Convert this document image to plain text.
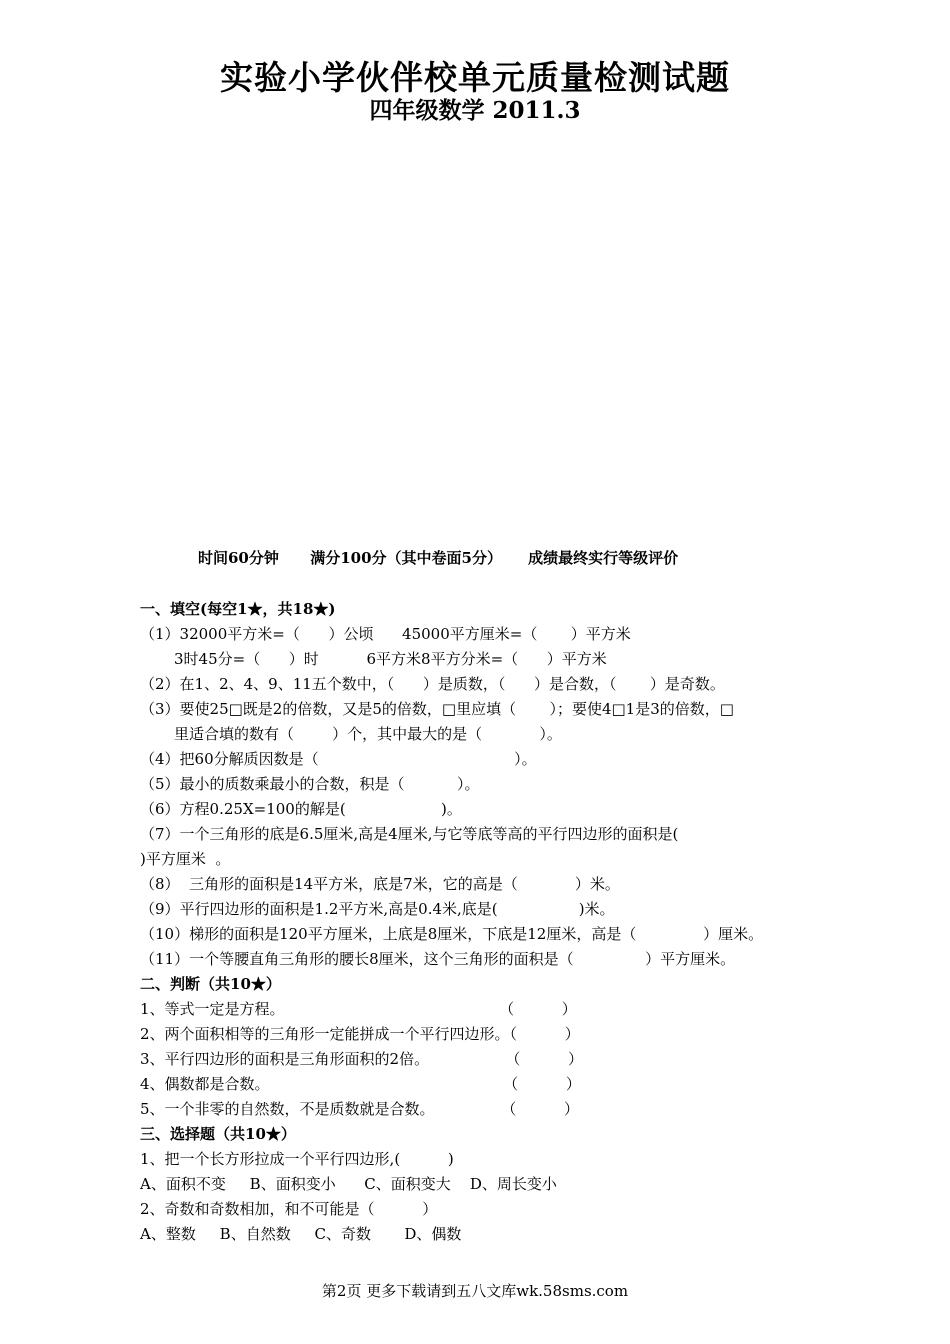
实验小学伙伴校单元质量检测试题
四年级数学 2011.3
时间60分钟      满分100分（其中卷面5分）     成绩最终实行等级评价
一、填空(每空1★，共18★)
（1）32000平方米=（      ）公顷      45000平方厘米=（       ）平方米
3时45分=（      ）时          6平方米8平方分米=（      ）平方米
（2）在1、2、4、9、11五个数中，（      ）是质数，（      ）是合数，（       ）是奇数。
（3）要使25□既是2的倍数，又是5的倍数，□里应填（       ）；要使4□1是3的倍数，□
里适合填的数有（        ）个，其中最大的是（            ）。
（4）把60分解质因数是（                                         ）。
（5）最小的质数乘最小的合数，积是（           ）。
（6）方程0.25X=100的解是(                    )。
（7）一个三角形的底是6.5厘米,高是4厘米,与它等底等高的平行四边形的面积是(
)平方厘米  。
（8）  三角形的面积是14平方米，底是7米，它的高是（            ）米。
（9）平行四边形的面积是1.2平方米,高是0.4米,底是(                 )米。
（10）梯形的面积是120平方厘米，上底是8厘米，下底是12厘米，高是（              ）厘米。
（11）一个等腰直角三角形的腰长8厘米，这个三角形的面积是（               ）平方厘米。
二、判断（共10★）
1、等式一定是方程。                                             （          ）
2、两个面积相等的三角形一定能拼成一个平行四边形。（          ）
3、平行四边形的面积是三角形面积的2倍。                （          ）
4、偶数都是合数。                                                 （          ）
5、一个非零的自然数，不是质数就是合数。              （          ）
三、选择题（共10★）
1、把一个长方形拉成一个平行四边形,(          )
A、面积不变     B、面积变小      C、面积变大    D、周长变小
2、奇数和奇数相加，和不可能是（          ）
A、整数     B、自然数     C、奇数       D、偶数
第2页 更多下载请到五八文库wk.58sms.com
